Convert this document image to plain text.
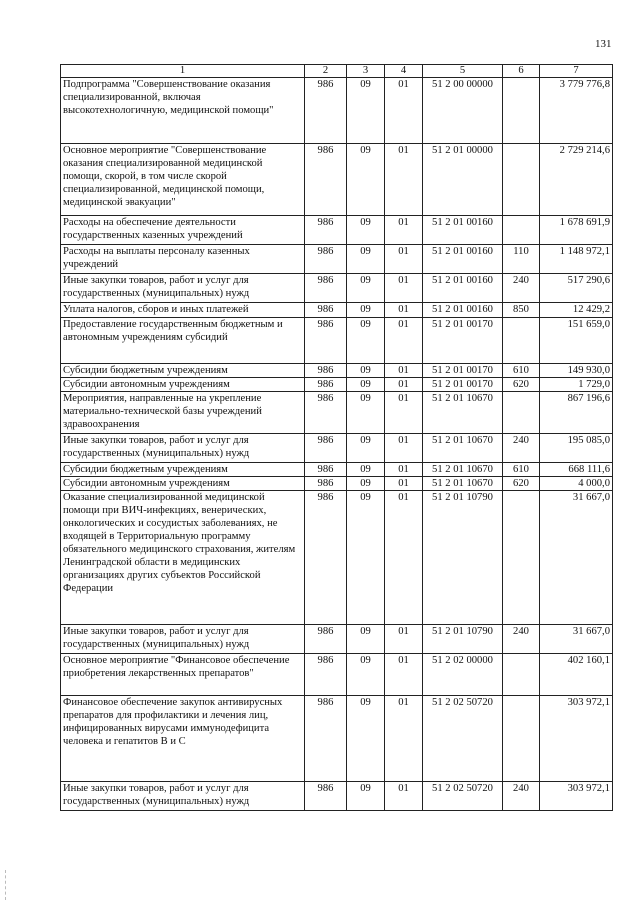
131
1	2	3	4	5	6	7
Подпрограмма "Совершенствование оказания специализированной, включая высокотехнологичную, медицинской помощи"	986	09	01	51 2 00 00000		3 779 776,8
Основное мероприятие "Совершенствование оказания специализированной медицинской помощи, скорой, в том числе скорой специализированной, медицинской помощи, медицинской эвакуации"	986	09	01	51 2 01 00000		2 729 214,6
Расходы на обеспечение деятельности государственных казенных учреждений	986	09	01	51 2 01 00160		1 678 691,9
Расходы на выплаты персоналу казенных учреждений	986	09	01	51 2 01 00160	110	1 148 972,1
Иные закупки товаров, работ и услуг для государственных (муниципальных) нужд	986	09	01	51 2 01 00160	240	517 290,6
Уплата налогов, сборов и иных платежей	986	09	01	51 2 01 00160	850	12 429,2
Предоставление государственным бюджетным и автономным учреждениям субсидий	986	09	01	51 2 01 00170		151 659,0
Субсидии бюджетным учреждениям	986	09	01	51 2 01 00170	610	149 930,0
Субсидии автономным учреждениям	986	09	01	51 2 01 00170	620	1 729,0
Мероприятия, направленные на укрепление материально-технической базы учреждений здравоохранения	986	09	01	51 2 01 10670		867 196,6
Иные закупки товаров, работ и услуг для государственных (муниципальных) нужд	986	09	01	51 2 01 10670	240	195 085,0
Субсидии бюджетным учреждениям	986	09	01	51 2 01 10670	610	668 111,6
Субсидии автономным учреждениям	986	09	01	51 2 01 10670	620	4 000,0
Оказание специализированной медицинской помощи при ВИЧ-инфекциях, венерических, онкологических и сосудистых заболеваниях, не входящей в Территориальную программу обязательного медицинского страхования, жителям Ленинградской области в медицинских организациях других субъектов Российской Федерации	986	09	01	51 2 01 10790		31 667,0
Иные закупки товаров, работ и услуг для государственных (муниципальных) нужд	986	09	01	51 2 01 10790	240	31 667,0
Основное мероприятие "Финансовое обеспечение приобретения лекарственных препаратов"	986	09	01	51 2 02 00000		402 160,1
Финансовое обеспечение закупок антивирусных препаратов для профилактики и лечения лиц, инфицированных вирусами иммунодефицита человека и гепатитов В и С	986	09	01	51 2 02 50720		303 972,1
Иные закупки товаров, работ и услуг для государственных (муниципальных) нужд	986	09	01	51 2 02 50720	240	303 972,1
